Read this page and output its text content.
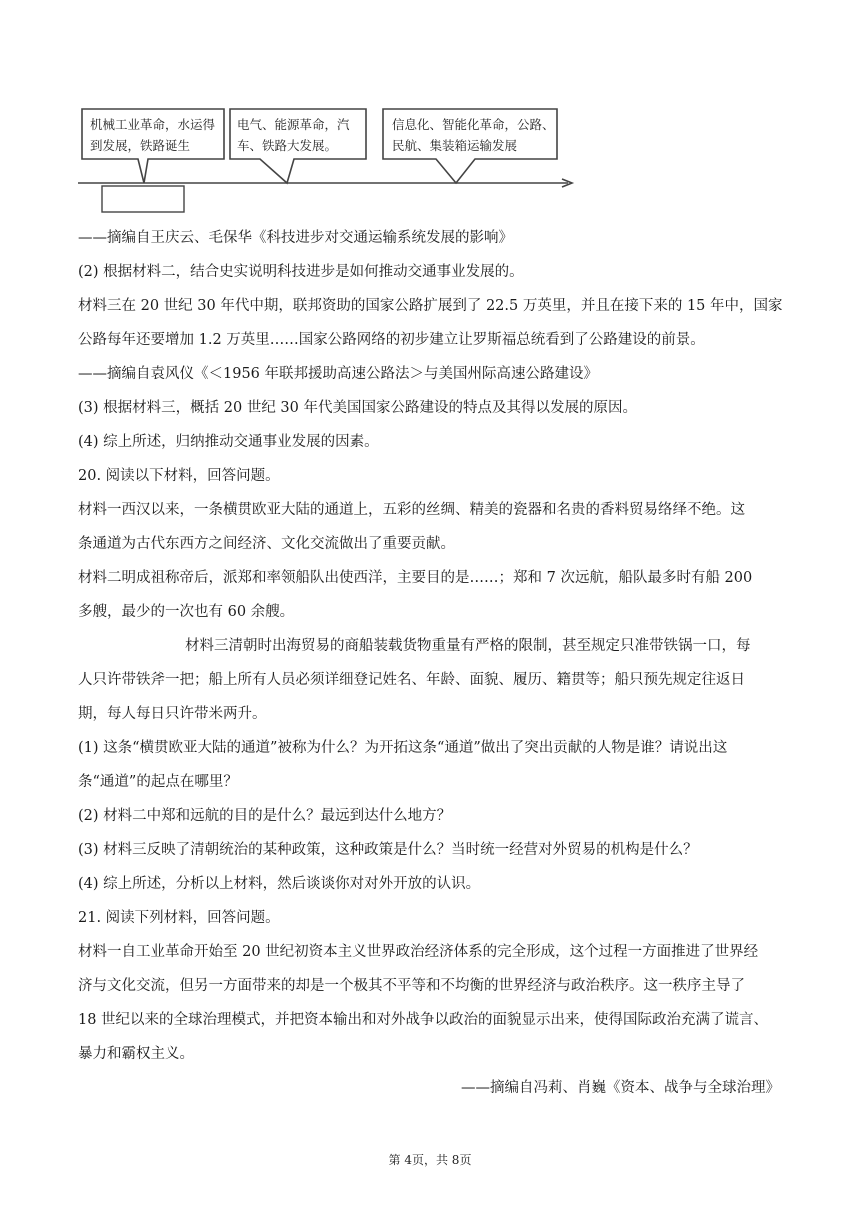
机械工业革命，水运得
到发展，铁路诞生
电气、能源革命，汽
车、铁路大发展。
信息化、智能化革命，公路、
民航、集装箱运输发展
——摘编自王庆云、毛保华《科技进步对交通运输系统发展的影响》
(2) 根据材料二，结合史实说明科技进步是如何推动交通事业发展的。
材料三在 20 世纪 30 年代中期，联邦资助的国家公路扩展到了 22.5 万英里，并且在接下来的 15 年中，国家
公路每年还要增加 1.2 万英里……国家公路网络的初步建立让罗斯福总统看到了公路建设的前景。
——摘编自袁风仪《＜1956 年联邦援助高速公路法＞与美国州际高速公路建设》
(3) 根据材料三，概括 20 世纪 30 年代美国国家公路建设的特点及其得以发展的原因。
(4) 综上所述，归纳推动交通事业发展的因素。
20. 阅读以下材料，回答问题。
材料一西汉以来，一条横贯欧亚大陆的通道上，五彩的丝绸、精美的瓷器和名贵的香料贸易络绎不绝。这
条通道为古代东西方之间经济、文化交流做出了重要贡献。
材料二明成祖称帝后，派郑和率领船队出使西洋，主要目的是……；郑和 7 次远航，船队最多时有船 200
多艘，最少的一次也有 60 余艘。
材料三清朝时出海贸易的商船装载货物重量有严格的限制，甚至规定只准带铁锅一口，每
人只许带铁斧一把；船上所有人员必须详细登记姓名、年龄、面貌、履历、籍贯等；船只预先规定往返日
期，每人每日只许带米两升。
(1) 这条“横贯欧亚大陆的通道”被称为什么？为开拓这条“通道”做出了突出贡献的人物是谁？请说出这
条“通道”的起点在哪里？
(2) 材料二中郑和远航的目的是什么？最远到达什么地方？
(3) 材料三反映了清朝统治的某种政策，这种政策是什么？当时统一经营对外贸易的机构是什么？
(4) 综上所述，分析以上材料，然后谈谈你对对外开放的认识。
21. 阅读下列材料，回答问题。
材料一自工业革命开始至 20 世纪初资本主义世界政治经济体系的完全形成，这个过程一方面推进了世界经
济与文化交流，但另一方面带来的却是一个极其不平等和不均衡的世界经济与政治秩序。这一秩序主导了
18 世纪以来的全球治理模式，并把资本输出和对外战争以政治的面貌显示出来，使得国际政治充满了谎言、
暴力和霸权主义。
——摘编自冯莉、肖巍《资本、战争与全球治理》
第 4页，共 8页
